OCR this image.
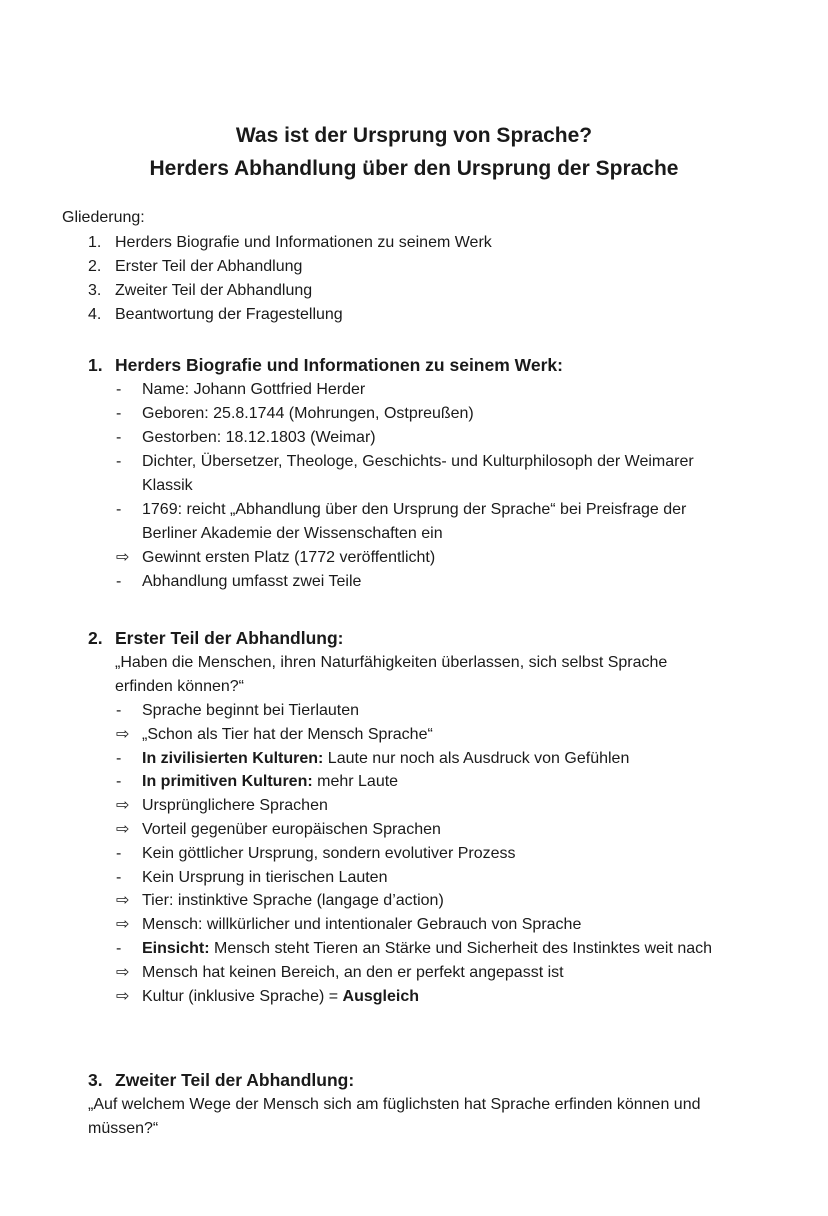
Was ist der Ursprung von Sprache?
Herders Abhandlung über den Ursprung der Sprache
Gliederung:
1. Herders Biografie und Informationen zu seinem Werk
2. Erster Teil der Abhandlung
3. Zweiter Teil der Abhandlung
4. Beantwortung der Fragestellung
1. Herders Biografie und Informationen zu seinem Werk:
-	Name: Johann Gottfried Herder
-	Geboren: 25.8.1744 (Mohrungen, Ostpreußen)
-	Gestorben: 18.12.1803 (Weimar)
-	Dichter, Übersetzer, Theologe, Geschichts- und Kulturphilosoph der Weimarer
Klassik
-	1769: reicht „Abhandlung über den Ursprung der Sprache“ bei Preisfrage der
Berliner Akademie der Wissenschaften ein
⇨ Gewinnt ersten Platz (1772 veröffentlicht)
-	Abhandlung umfasst zwei Teile
2. Erster Teil der Abhandlung:
„Haben die Menschen, ihren Naturfähigkeiten überlassen, sich selbst Sprache
erfinden können?“
-	Sprache beginnt bei Tierlauten
⇨ „Schon als Tier hat der Mensch Sprache“
-	In zivilisierten Kulturen: Laute nur noch als Ausdruck von Gefühlen
-	In primitiven Kulturen: mehr Laute
⇨ Ursprünglichere Sprachen
⇨ Vorteil gegenüber europäischen Sprachen
-	Kein göttlicher Ursprung, sondern evolutiver Prozess
-	Kein Ursprung in tierischen Lauten
⇨ Tier: instinktive Sprache (langage d’action)
⇨ Mensch: willkürlicher und intentionaler Gebrauch von Sprache
-	Einsicht: Mensch steht Tieren an Stärke und Sicherheit des Instinktes weit nach
⇨ Mensch hat keinen Bereich, an den er perfekt angepasst ist
⇨ Kultur (inklusive Sprache) = Ausgleich
3. Zweiter Teil der Abhandlung:
„Auf welchem Wege der Mensch sich am füglichsten hat Sprache erfinden können und
müssen?“
